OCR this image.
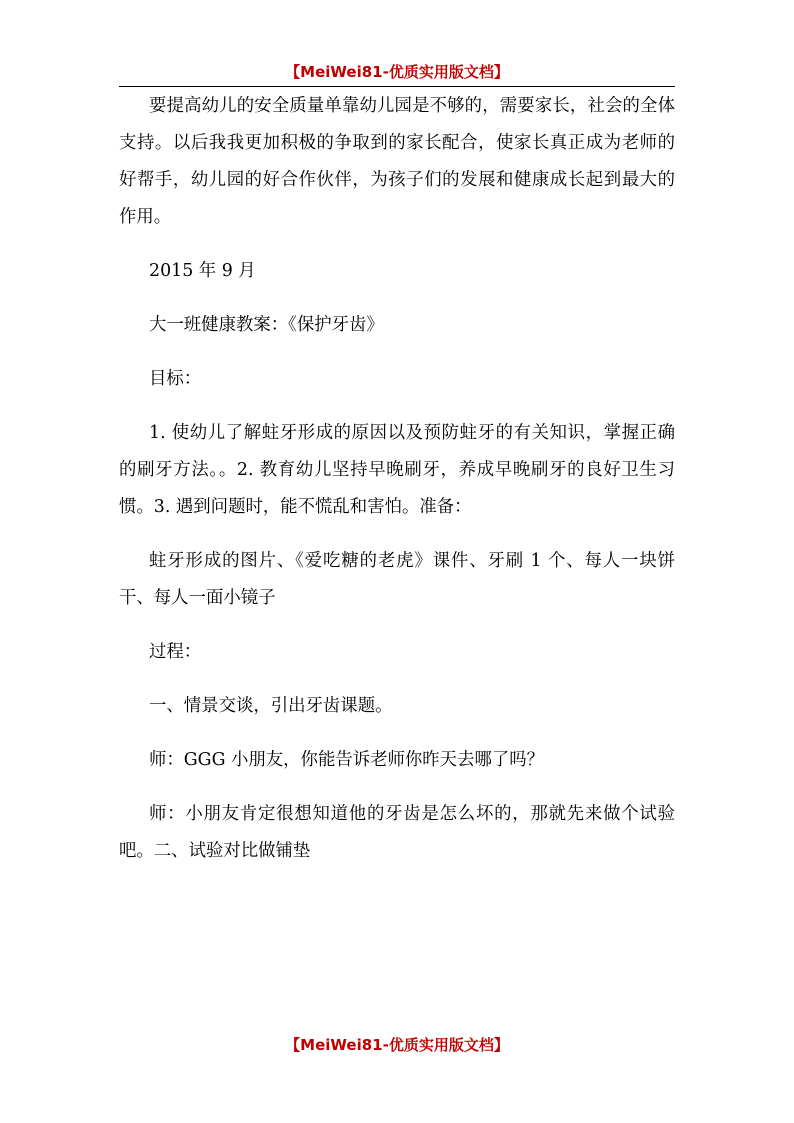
【MeiWei81-优质实用版文档】

要提高幼儿的安全质量单靠幼儿园是不够的，需要家长，社会的全体支持。以后我我更加积极的争取到的家长配合，使家长真正成为老师的好帮手，幼儿园的好合作伙伴，为孩子们的发展和健康成长起到最大的作用。

2015 年 9 月

大一班健康教案：《保护牙齿》

目标：

1. 使幼儿了解蛀牙形成的原因以及预防蛀牙的有关知识，掌握正确的刷牙方法。。2. 教育幼儿坚持早晚刷牙，养成早晚刷牙的良好卫生习惯。3. 遇到问题时，能不慌乱和害怕。准备：

蛀牙形成的图片、《爱吃糖的老虎》课件、牙刷 1 个、每人一块饼干、每人一面小镜子

过程：

一、情景交谈，引出牙齿课题。

师：GGG 小朋友，你能告诉老师你昨天去哪了吗？

师：小朋友肯定很想知道他的牙齿是怎么坏的，那就先来做个试验吧。二、试验对比做铺垫

【MeiWei81-优质实用版文档】
